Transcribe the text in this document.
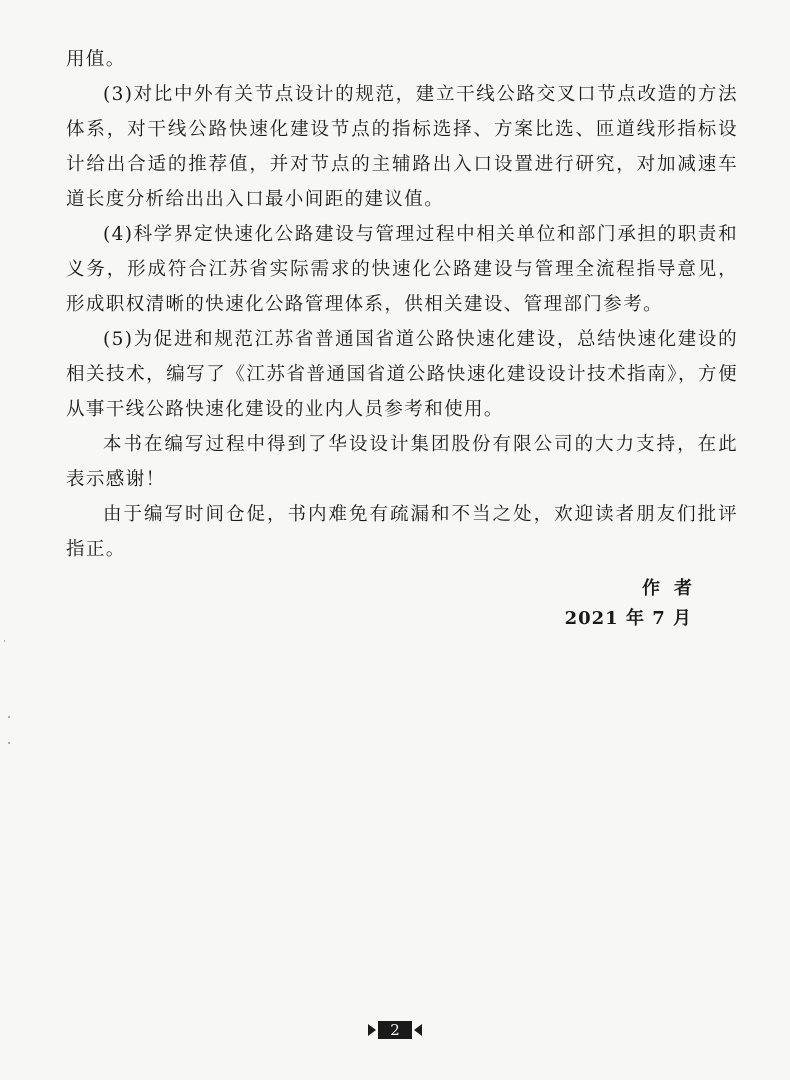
用值。

(3)对比中外有关节点设计的规范，建立干线公路交叉口节点改造的方法体系，对干线公路快速化建设节点的指标选择、方案比选、匝道线形指标设计给出合适的推荐值，并对节点的主辅路出入口设置进行研究，对加减速车道长度分析给出出入口最小间距的建议值。

(4)科学界定快速化公路建设与管理过程中相关单位和部门承担的职责和义务，形成符合江苏省实际需求的快速化公路建设与管理全流程指导意见，形成职权清晰的快速化公路管理体系，供相关建设、管理部门参考。

(5)为促进和规范江苏省普通国省道公路快速化建设，总结快速化建设的相关技术，编写了《江苏省普通国省道公路快速化建设设计技术指南》，方便从事干线公路快速化建设的业内人员参考和使用。

本书在编写过程中得到了华设设计集团股份有限公司的大力支持，在此表示感谢！

由于编写时间仓促，书内难免有疏漏和不当之处，欢迎读者朋友们批评指正。

作者
2021 年 7 月
2
